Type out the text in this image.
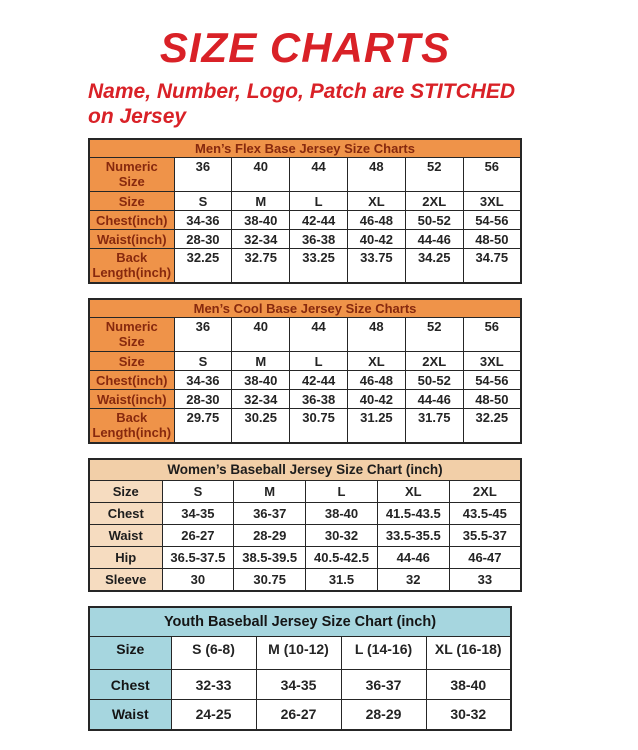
SIZE CHARTS
Name, Number, Logo, Patch are STITCHED
on Jersey
Men’s Flex Base Jersey Size Charts						
Numeric Size	36	40	44	48	52	56
Size	S	M	L	XL	2XL	3XL
Chest(inch)	34-36	38-40	42-44	46-48	50-52	54-56
Waist(inch)	28-30	32-34	36-38	40-42	44-46	48-50
Back Length(inch)	32.25	32.75	33.25	33.75	34.25	34.75
Men’s Cool Base Jersey Size Charts						
Numeric Size	36	40	44	48	52	56
Size	S	M	L	XL	2XL	3XL
Chest(inch)	34-36	38-40	42-44	46-48	50-52	54-56
Waist(inch)	28-30	32-34	36-38	40-42	44-46	48-50
Back Length(inch)	29.75	30.25	30.75	31.25	31.75	32.25
Women’s Baseball Jersey Size Chart (inch)					
Size	S	M	L	XL	2XL
Chest	34-35	36-37	38-40	41.5-43.5	43.5-45
Waist	26-27	28-29	30-32	33.5-35.5	35.5-37
Hip	36.5-37.5	38.5-39.5	40.5-42.5	44-46	46-47
Sleeve	30	30.75	31.5	32	33
Youth Baseball Jersey Size Chart (inch)				
Size	S (6-8)	M (10-12)	L (14-16)	XL (16-18)
Chest	32-33	34-35	36-37	38-40
Waist	24-25	26-27	28-29	30-32
